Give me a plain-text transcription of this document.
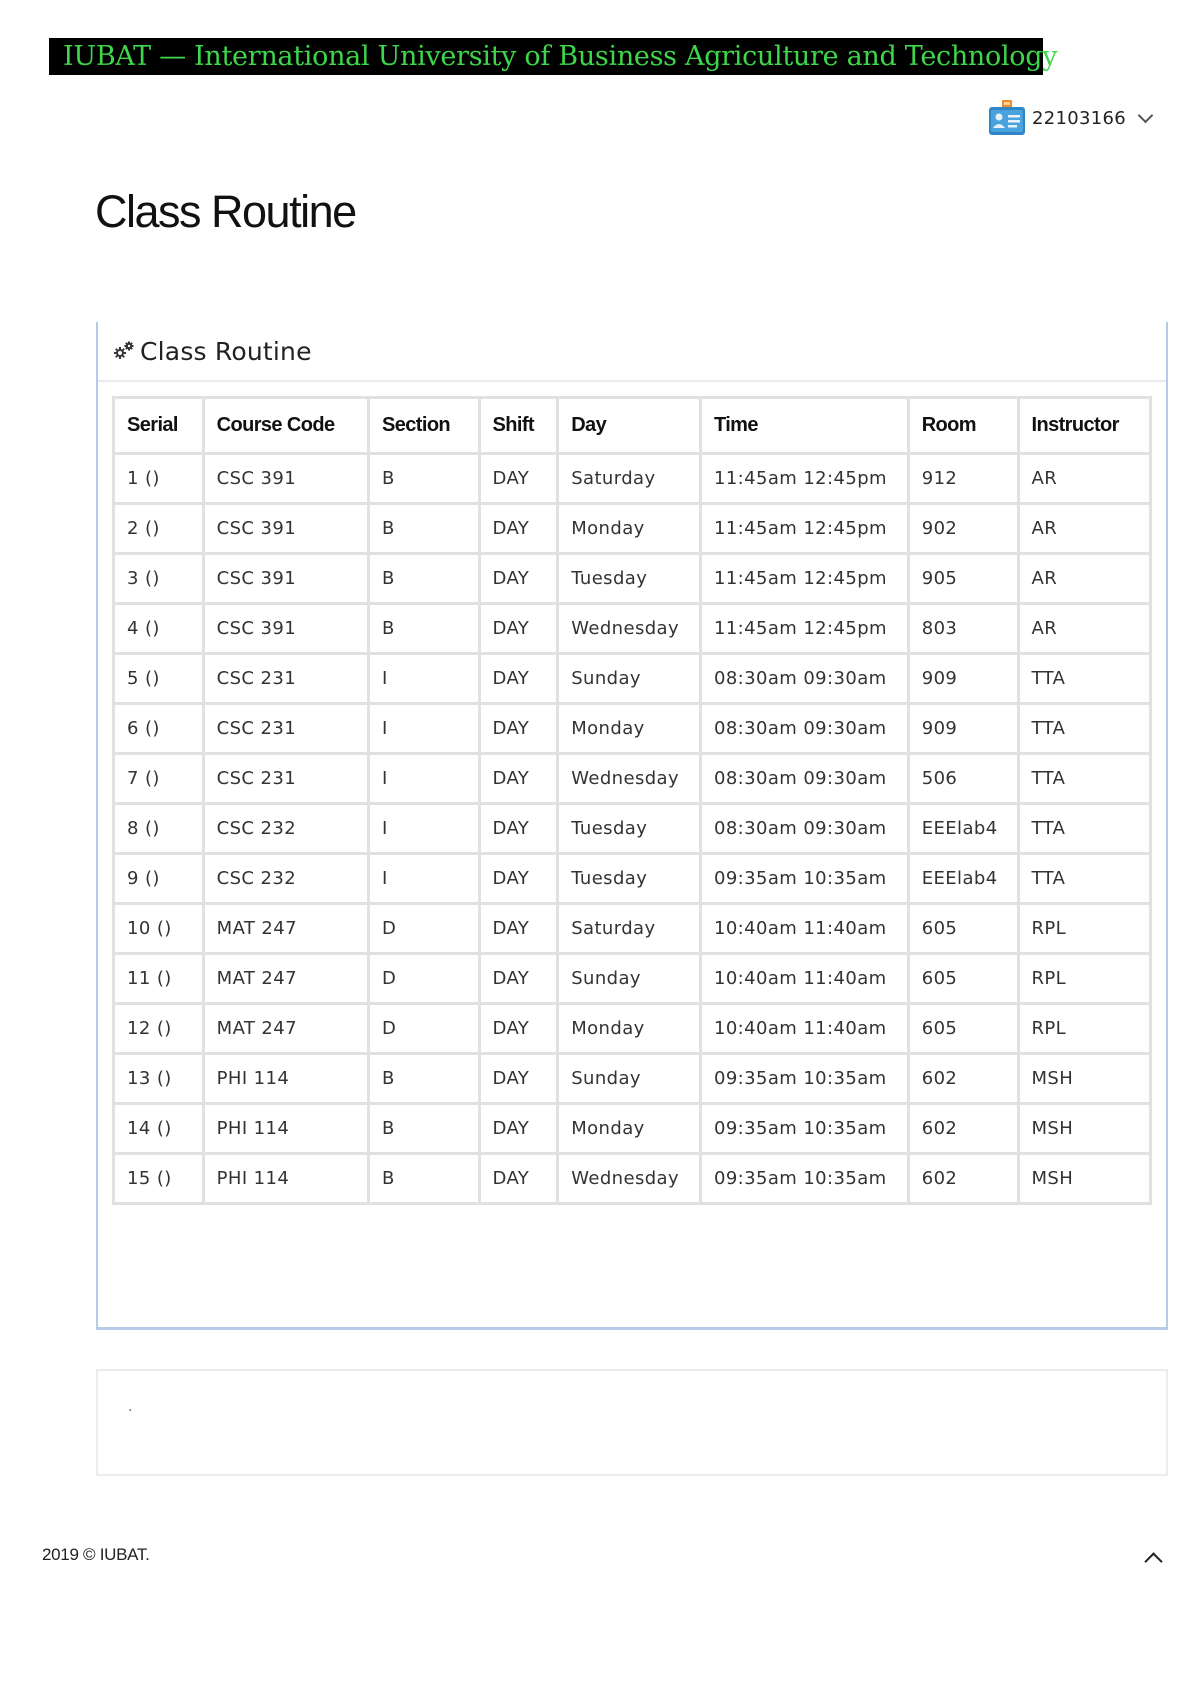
IUBAT — International University of Business Agriculture and Technology
22103166
Class Routine
Class Routine
Serial	Course Code	Section	Shift	Day	Time	Room	Instructor
1 ()	CSC 391	B	DAY	Saturday	11:45am 12:45pm	912	AR
2 ()	CSC 391	B	DAY	Monday	11:45am 12:45pm	902	AR
3 ()	CSC 391	B	DAY	Tuesday	11:45am 12:45pm	905	AR
4 ()	CSC 391	B	DAY	Wednesday	11:45am 12:45pm	803	AR
5 ()	CSC 231	I	DAY	Sunday	08:30am 09:30am	909	TTA
6 ()	CSC 231	I	DAY	Monday	08:30am 09:30am	909	TTA
7 ()	CSC 231	I	DAY	Wednesday	08:30am 09:30am	506	TTA
8 ()	CSC 232	I	DAY	Tuesday	08:30am 09:30am	EEElab4	TTA
9 ()	CSC 232	I	DAY	Tuesday	09:35am 10:35am	EEElab4	TTA
10 ()	MAT 247	D	DAY	Saturday	10:40am 11:40am	605	RPL
11 ()	MAT 247	D	DAY	Sunday	10:40am 11:40am	605	RPL
12 ()	MAT 247	D	DAY	Monday	10:40am 11:40am	605	RPL
13 ()	PHI 114	B	DAY	Sunday	09:35am 10:35am	602	MSH
14 ()	PHI 114	B	DAY	Monday	09:35am 10:35am	602	MSH
15 ()	PHI 114	B	DAY	Wednesday	09:35am 10:35am	602	MSH
.
2019 © IUBAT.
